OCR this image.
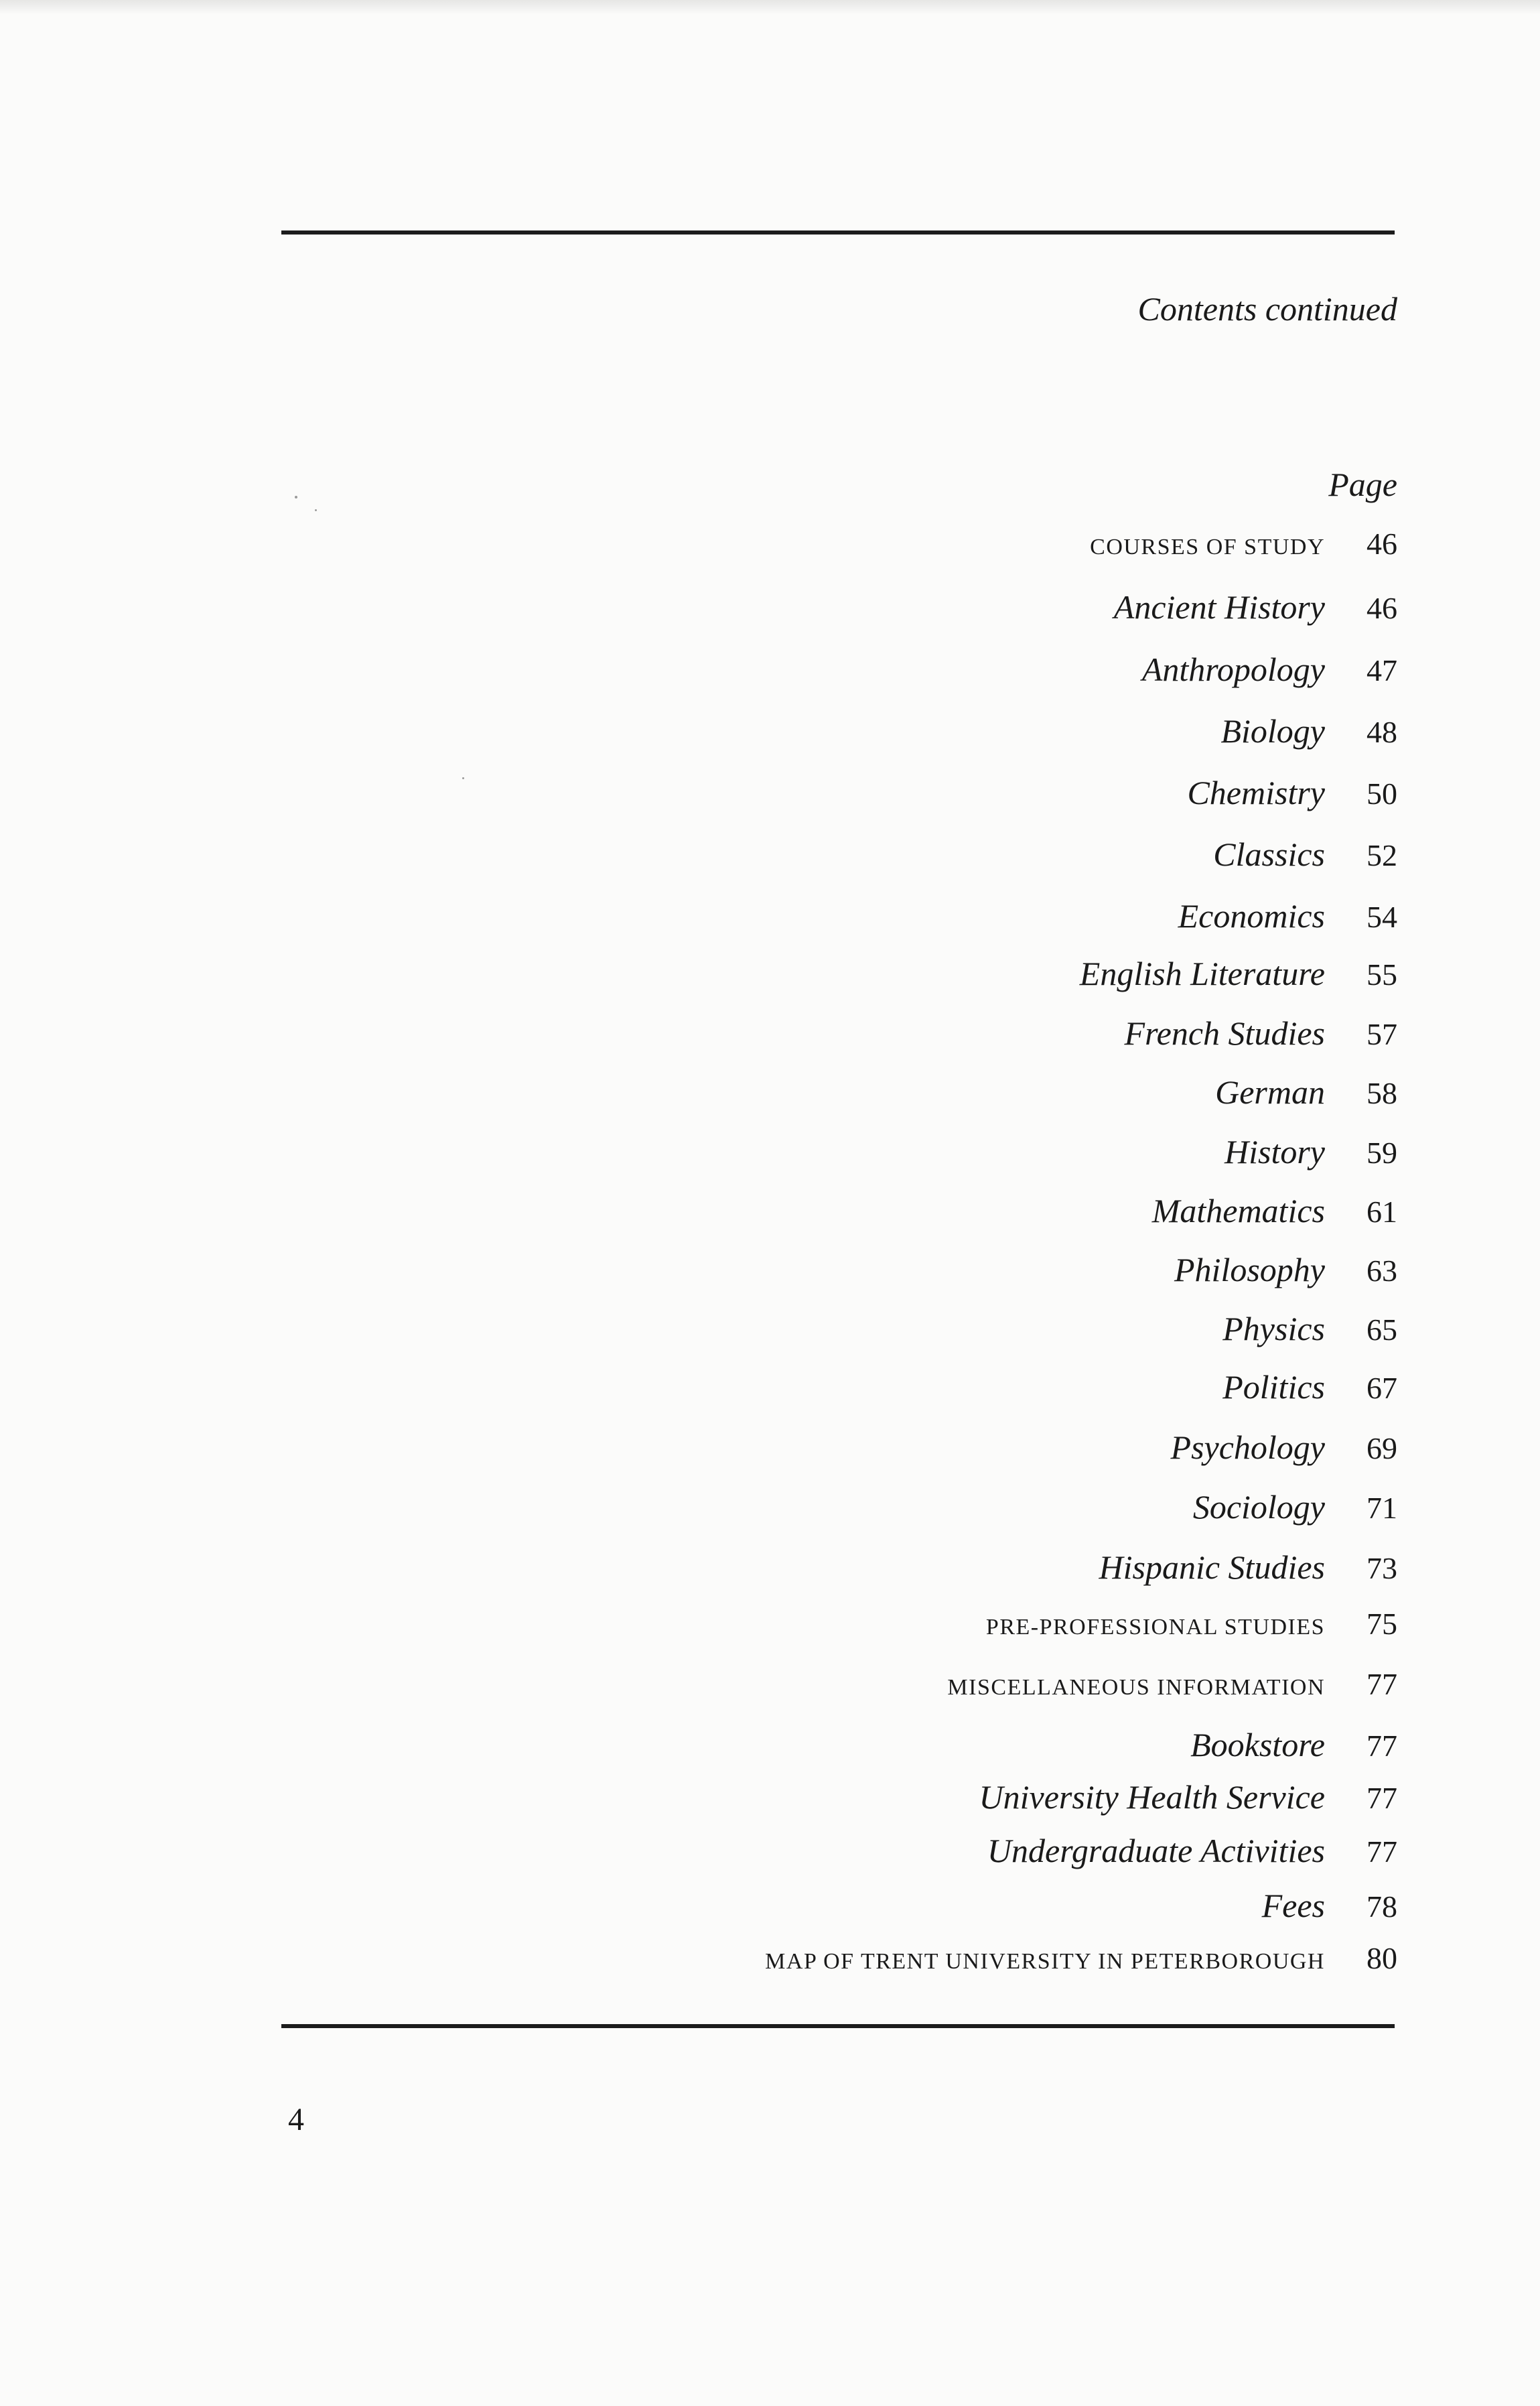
Contents continued
Page
COURSES OF STUDY	46
Ancient History	46
Anthropology	47
Biology	48
Chemistry	50
Classics	52
Economics	54
English Literature	55
French Studies	57
German	58
History	59
Mathematics	61
Philosophy	63
Physics	65
Politics	67
Psychology	69
Sociology	71
Hispanic Studies	73
PRE-PROFESSIONAL STUDIES	75
MISCELLANEOUS INFORMATION	77
Bookstore	77
University Health Service	77
Undergraduate Activities	77
Fees	78
MAP OF TRENT UNIVERSITY IN PETERBOROUGH	80
4
